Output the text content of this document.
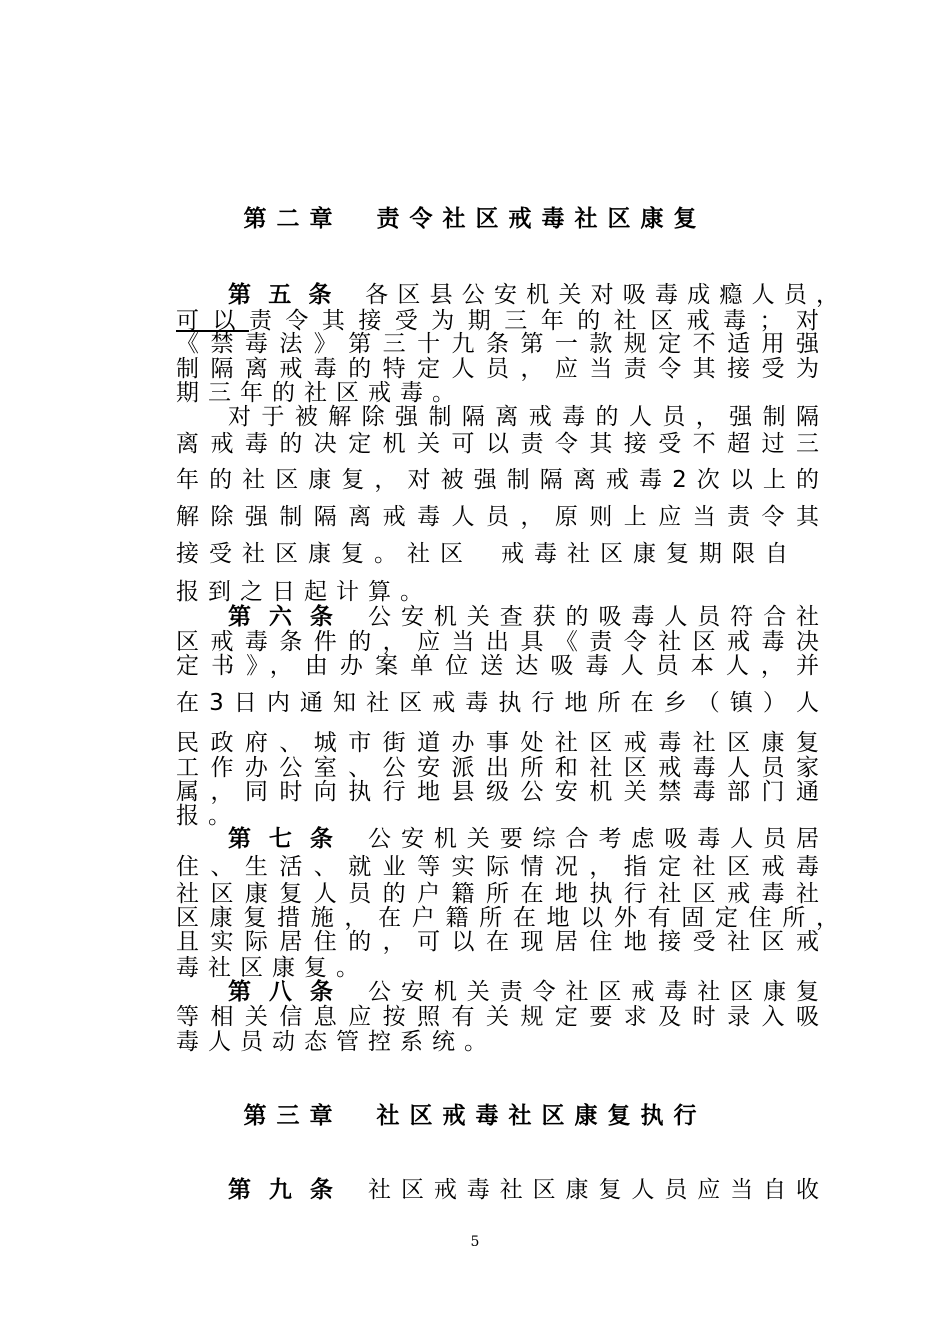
第二章 责令社区戒毒社区康复
第五条 各区县公安机关对吸毒成瘾人员，
可以责令其接受为期三年的社区戒毒；对
《禁毒法》第三十九条第一款规定不适用强
制隔离戒毒的特定人员，应当责令其接受为
期三年的社区戒毒。
对于被解除强制隔离戒毒的人员，强制隔
离戒毒的决定机关可以责令其接受不超过三
年的社区康复，对被强制隔离戒毒2次以上的
解除强制隔离戒毒人员，原则上应当责令其
接受社区康复。社区 戒毒社区康复期限自
报到之日起计算。
第六条 公安机关查获的吸毒人员符合社
区戒毒条件的，应当出具《责令社区戒毒决
定书》，由办案单位送达吸毒人员本人，并
在3日内通知社区戒毒执行地所在乡（镇）人
民政府、城市街道办事处社区戒毒社区康复
工作办公室、公安派出所和社区戒毒人员家
属，同时向执行地县级公安机关禁毒部门通
报。
第七条 公安机关要综合考虑吸毒人员居
住、生活、就业等实际情况，指定社区戒毒
社区康复人员的户籍所在地执行社区戒毒社
区康复措施，在户籍所在地以外有固定住所，
且实际居住的，可以在现居住地接受社区戒
毒社区康复。
第八条 公安机关责令社区戒毒社区康复
等相关信息应按照有关规定要求及时录入吸
毒人员动态管控系统。
第三章 社区戒毒社区康复执行
第九条 社区戒毒社区康复人员应当自收
5
